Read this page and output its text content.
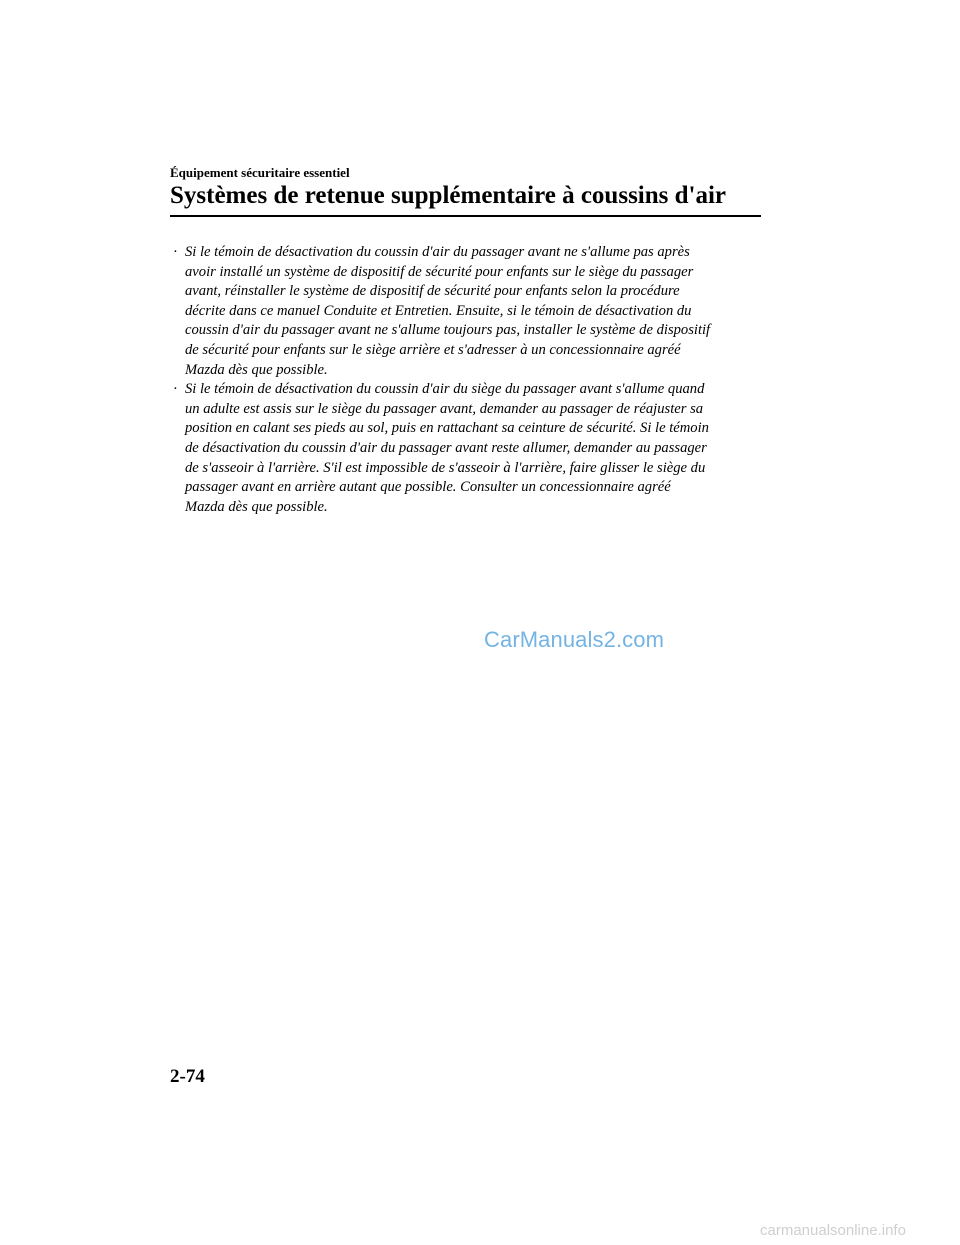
Équipement sécuritaire essentiel
Systèmes de retenue supplémentaire à coussins d'air
· Si le témoin de désactivation du coussin d'air du passager avant ne s'allume pas après
avoir installé un système de dispositif de sécurité pour enfants sur le siège du passager
avant, réinstaller le système de dispositif de sécurité pour enfants selon la procédure
décrite dans ce manuel Conduite et Entretien. Ensuite, si le témoin de désactivation du
coussin d'air du passager avant ne s'allume toujours pas, installer le système de dispositif
de sécurité pour enfants sur le siège arrière et s'adresser à un concessionnaire agréé
Mazda dès que possible.
· Si le témoin de désactivation du coussin d'air du siège du passager avant s'allume quand
un adulte est assis sur le siège du passager avant, demander au passager de réajuster sa
position en calant ses pieds au sol, puis en rattachant sa ceinture de sécurité. Si le témoin
de désactivation du coussin d'air du passager avant reste allumer, demander au passager
de s'asseoir à l'arrière. S'il est impossible de s'asseoir à l'arrière, faire glisser le siège du
passager avant en arrière autant que possible. Consulter un concessionnaire agréé
Mazda dès que possible.
CarManuals2.com
2-74
carmanualsonline.info
